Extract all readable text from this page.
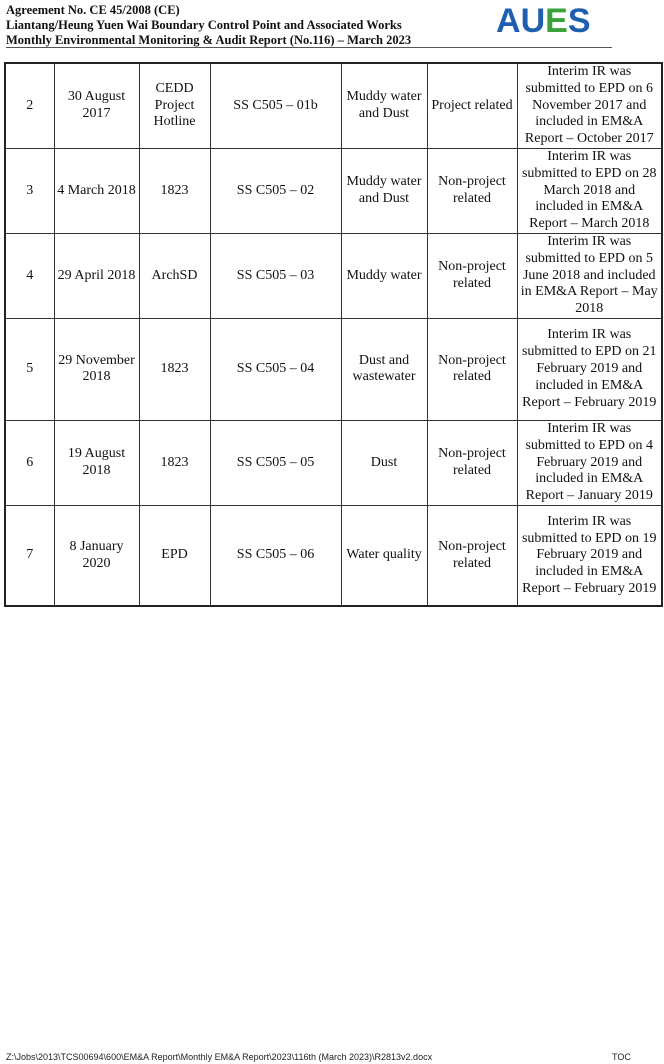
Agreement No. CE 45/2008 (CE)
Liantang/Heung Yuen Wai Boundary Control Point and Associated Works
Monthly Environmental Monitoring & Audit Report (No.116) – March 2023	AUES
2	30 August 2017	CEDD Project Hotline	SS C505 – 01b	Muddy water and Dust	Project related	Interim IR was submitted to EPD on 6 November 2017 and included in EM&A Report – October 2017
3	4 March 2018	1823	SS C505 – 02	Muddy water and Dust	Non-project related	Interim IR was submitted to EPD on 28 March 2018 and included in EM&A Report – March 2018
4	29 April 2018	ArchSD	SS C505 – 03	Muddy water	Non-project related	Interim IR was submitted to EPD on 5 June 2018 and included in EM&A Report – May 2018
5	29 November 2018	1823	SS C505 – 04	Dust and wastewater	Non-project related	Interim IR was submitted to EPD on 21 February 2019 and included in EM&A Report – February 2019
6	19 August 2018	1823	SS C505 – 05	Dust	Non-project related	Interim IR was submitted to EPD on 4 February 2019 and included in EM&A Report – January 2019
7	8 January 2020	EPD	SS C505 – 06	Water quality	Non-project related	Interim IR was submitted to EPD on 19 February 2019 and included in EM&A Report – February 2019
Z:\Jobs\2013\TCS00694\600\EM&A Report\Monthly EM&A Report\2023\116th (March 2023)\R2813v2.docx	TOC
